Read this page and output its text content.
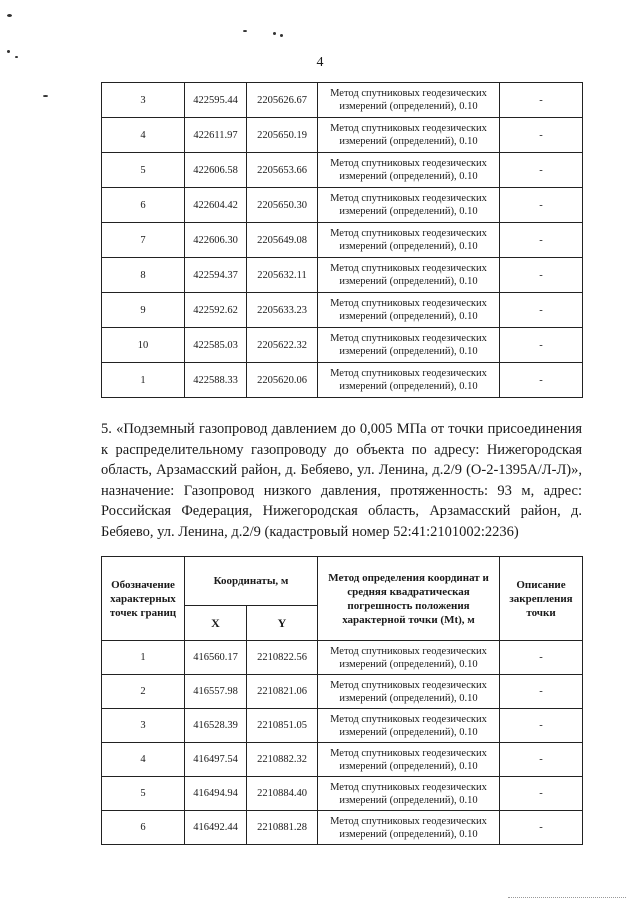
4
3	422595.44	2205626.67	Метод спутниковых геодезических
измерений (определений), 0.10	-
4	422611.97	2205650.19	Метод спутниковых геодезических
измерений (определений), 0.10	-
5	422606.58	2205653.66	Метод спутниковых геодезических
измерений (определений), 0.10	-
6	422604.42	2205650.30	Метод спутниковых геодезических
измерений (определений), 0.10	-
7	422606.30	2205649.08	Метод спутниковых геодезических
измерений (определений), 0.10	-
8	422594.37	2205632.11	Метод спутниковых геодезических
измерений (определений), 0.10	-
9	422592.62	2205633.23	Метод спутниковых геодезических
измерений (определений), 0.10	-
10	422585.03	2205622.32	Метод спутниковых геодезических
измерений (определений), 0.10	-
1	422588.33	2205620.06	Метод спутниковых геодезических
измерений (определений), 0.10	-
5. «Подземный газопровод давлением до 0,005 МПа от точки присоединения к распределительному газопроводу до объекта по адресу: Нижегородская область, Арзамасский район, д. Бебяево, ул. Ленина, д.2/9 (О-2-1395А/Л-Л)», назначение: Газопровод низкого давления, протяженность: 93 м, адрес: Российская Федерация, Нижегородская область, Арзамасский район, д. Бебяево, ул. Ленина, д.2/9 (кадастровый номер 52:41:2101002:2236)
Обозначение характерных точек границ	Координаты, м		Метод определения координат и средняя квадратическая погрешность положения характерной точки (Mt), м	Описание закрепления точки
	X	Y		
1	416560.17	2210822.56	Метод спутниковых геодезических
измерений (определений), 0.10	-
2	416557.98	2210821.06	Метод спутниковых геодезических
измерений (определений), 0.10	-
3	416528.39	2210851.05	Метод спутниковых геодезических
измерений (определений), 0.10	-
4	416497.54	2210882.32	Метод спутниковых геодезических
измерений (определений), 0.10	-
5	416494.94	2210884.40	Метод спутниковых геодезических
измерений (определений), 0.10	-
6	416492.44	2210881.28	Метод спутниковых геодезических
измерений (определений), 0.10	-
